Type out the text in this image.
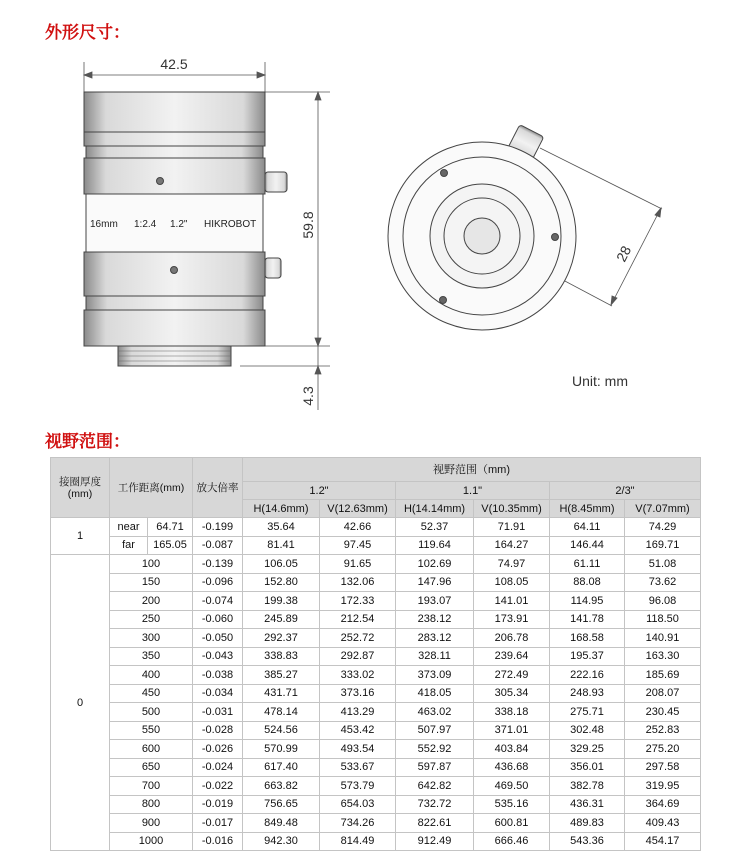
外形尺寸：
42.5
59.8
4.3
28
16mm 1:2.4 1.2" HIKROBOT
Unit: mm
视野范围：
接圈厚度(mm)	工作距离(mm)		放大倍率	视野范围（mm)					
				1.2"		1.1"		2/3"	
				H(14.6mm)	V(12.63mm)	H(14.14mm)	V(10.35mm)	H(8.45mm)	V(7.07mm)
1	near	64.71	-0.199	35.64	42.66	52.37	71.91	64.11	74.29
	far	165.05	-0.087	81.41	97.45	119.64	164.27	146.44	169.71
0	100		-0.139	106.05	91.65	102.69	74.97	61.11	51.08
	150		-0.096	152.80	132.06	147.96	108.05	88.08	73.62
	200		-0.074	199.38	172.33	193.07	141.01	114.95	96.08
	250		-0.060	245.89	212.54	238.12	173.91	141.78	118.50
	300		-0.050	292.37	252.72	283.12	206.78	168.58	140.91
	350		-0.043	338.83	292.87	328.11	239.64	195.37	163.30
	400		-0.038	385.27	333.02	373.09	272.49	222.16	185.69
	450		-0.034	431.71	373.16	418.05	305.34	248.93	208.07
	500		-0.031	478.14	413.29	463.02	338.18	275.71	230.45
	550		-0.028	524.56	453.42	507.97	371.01	302.48	252.83
	600		-0.026	570.99	493.54	552.92	403.84	329.25	275.20
	650		-0.024	617.40	533.67	597.87	436.68	356.01	297.58
	700		-0.022	663.82	573.79	642.82	469.50	382.78	319.95
	800		-0.019	756.65	654.03	732.72	535.16	436.31	364.69
	900		-0.017	849.48	734.26	822.61	600.81	489.83	409.43
	1000		-0.016	942.30	814.49	912.49	666.46	543.36	454.17
